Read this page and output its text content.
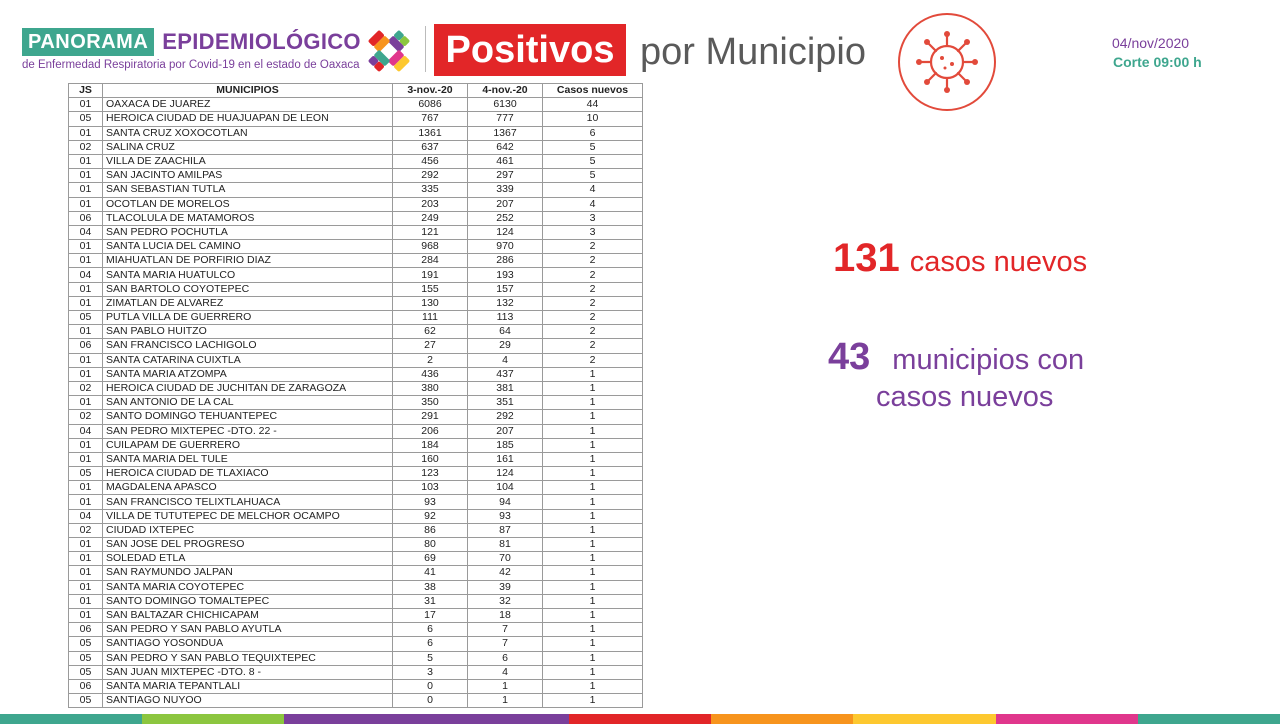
PANORAMA EPIDEMIOLÓGICO
de Enfermedad Respiratoria por Covid-19 en el estado de Oaxaca	Positivos por Municipio	04/nov/2020
Corte 09:00 h
JS	MUNICIPIOS	3-nov.-20	4-nov.-20	Casos nuevos
01	OAXACA DE JUAREZ	6086	6130	44
05	HEROICA CIUDAD DE HUAJUAPAN DE LEON	767	777	10
01	SANTA CRUZ XOXOCOTLAN	1361	1367	6
02	SALINA CRUZ	637	642	5
01	VILLA DE ZAACHILA	456	461	5
01	SAN JACINTO AMILPAS	292	297	5
01	SAN SEBASTIAN TUTLA	335	339	4
01	OCOTLAN DE MORELOS	203	207	4
06	TLACOLULA DE MATAMOROS	249	252	3
04	SAN PEDRO POCHUTLA	121	124	3
01	SANTA LUCIA DEL CAMINO	968	970	2
01	MIAHUATLAN DE PORFIRIO DIAZ	284	286	2
04	SANTA MARIA HUATULCO	191	193	2
01	SAN BARTOLO COYOTEPEC	155	157	2
01	ZIMATLAN DE ALVAREZ	130	132	2
05	PUTLA VILLA DE GUERRERO	111	113	2
01	SAN PABLO HUITZO	62	64	2
06	SAN FRANCISCO LACHIGOLO	27	29	2
01	SANTA CATARINA CUIXTLA	2	4	2
01	SANTA MARIA ATZOMPA	436	437	1
02	HEROICA CIUDAD DE JUCHITAN DE ZARAGOZA	380	381	1
01	SAN ANTONIO DE LA CAL	350	351	1
02	SANTO DOMINGO TEHUANTEPEC	291	292	1
04	SAN PEDRO MIXTEPEC -DTO. 22 -	206	207	1
01	CUILAPAM DE GUERRERO	184	185	1
01	SANTA MARIA DEL TULE	160	161	1
05	HEROICA CIUDAD DE TLAXIACO	123	124	1
01	MAGDALENA APASCO	103	104	1
01	SAN FRANCISCO TELIXTLAHUACA	93	94	1
04	VILLA DE TUTUTEPEC DE MELCHOR OCAMPO	92	93	1
02	CIUDAD IXTEPEC	86	87	1
01	SAN JOSE DEL PROGRESO	80	81	1
01	SOLEDAD ETLA	69	70	1
01	SAN RAYMUNDO JALPAN	41	42	1
01	SANTA MARIA COYOTEPEC	38	39	1
01	SANTO DOMINGO TOMALTEPEC	31	32	1
01	SAN BALTAZAR CHICHICAPAM	17	18	1
06	SAN PEDRO Y SAN PABLO AYUTLA	6	7	1
05	SANTIAGO YOSONDUA	6	7	1
05	SAN PEDRO Y SAN PABLO TEQUIXTEPEC	5	6	1
05	SAN JUAN MIXTEPEC -DTO. 8 -	3	4	1
06	SANTA MARIA TEPANTLALI	0	1	1
05	SANTIAGO NUYOO	0	1	1
131 casos nuevos
43 municipios con
casos nuevos
